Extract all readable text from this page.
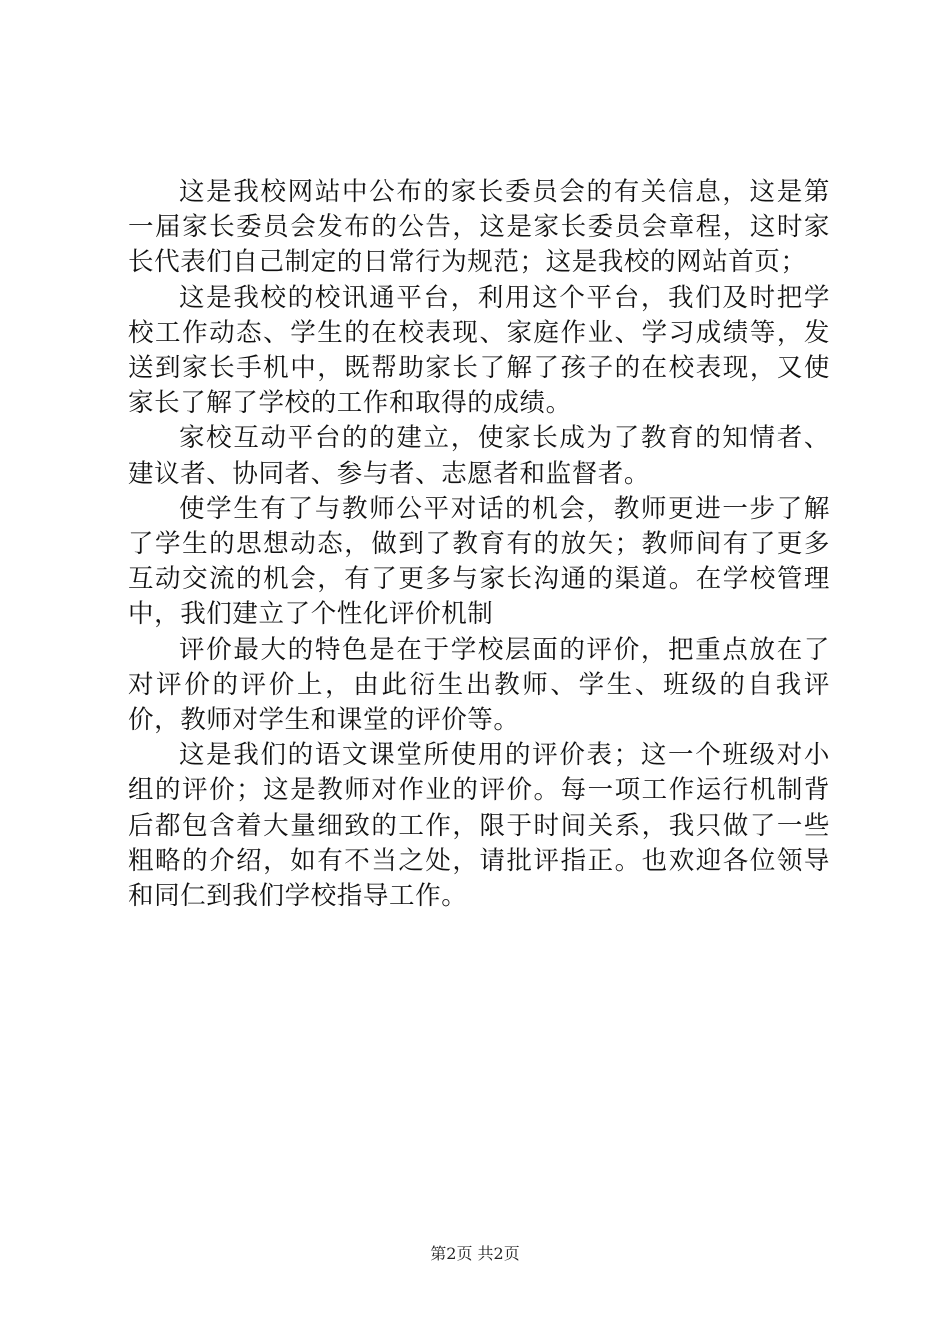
这是我校网站中公布的家长委员会的有关信息，这是第一届家长委员会发布的公告，这是家长委员会章程，这时家长代表们自己制定的日常行为规范；这是我校的网站首页；

这是我校的校讯通平台，利用这个平台，我们及时把学校工作动态、学生的在校表现、家庭作业、学习成绩等，发送到家长手机中，既帮助家长了解了孩子的在校表现，又使家长了解了学校的工作和取得的成绩。

家校互动平台的的建立，使家长成为了教育的知情者、建议者、协同者、参与者、志愿者和监督者。

使学生有了与教师公平对话的机会，教师更进一步了解了学生的思想动态，做到了教育有的放矢；教师间有了更多互动交流的机会，有了更多与家长沟通的渠道。在学校管理中，我们建立了个性化评价机制

评价最大的特色是在于学校层面的评价，把重点放在了对评价的评价上，由此衍生出教师、学生、班级的自我评价，教师对学生和课堂的评价等。

这是我们的语文课堂所使用的评价表；这一个班级对小组的评价；这是教师对作业的评价。每一项工作运行机制背后都包含着大量细致的工作，限于时间关系，我只做了一些粗略的介绍，如有不当之处，请批评指正。也欢迎各位领导和同仁到我们学校指导工作。

第2页 共2页
